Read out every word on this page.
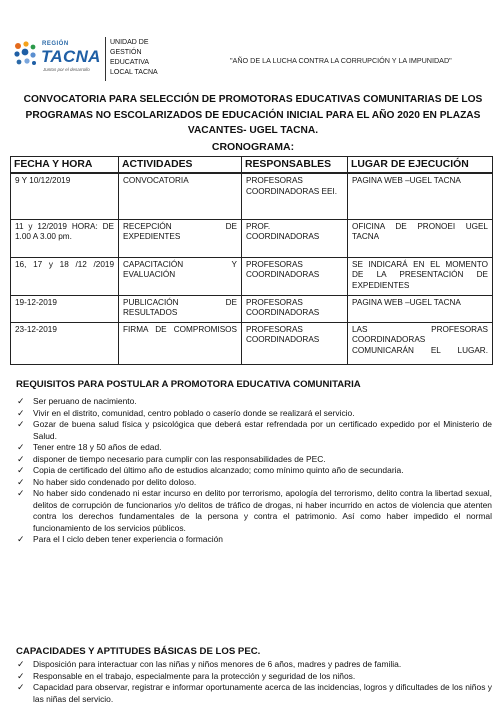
REGIÓN
TACNA
Juntos por el desarrollo
UNIDAD DE
GESTIÓN
EDUCATIVA
LOCAL TACNA
"AÑO DE LA LUCHA CONTRA LA CORRUPCIÓN Y LA IMPUNIDAD"
CONVOCATORIA PARA SELECCIÓN DE PROMOTORAS EDUCATIVAS COMUNITARIAS DE LOS PROGRAMAS NO ESCOLARIZADOS DE EDUCACIÓN INICIAL PARA EL AÑO 2020 EN PLAZAS VACANTES- UGEL TACNA.
CRONOGRAMA:
FECHA Y HORA	ACTIVIDADES	RESPONSABLES	LUGAR DE EJECUCIÓN
9 Y 10/12/2019	CONVOCATORIA	PROFESORAS COORDINADORAS EEI.	PAGINA WEB –UGEL TACNA
11 y 12/2019 HORA: DE 1.00 A 3.00 pm.	RECEPCIÓN DE EXPEDIENTES	PROF. COORDINADORAS	OFICINA DE PRONOEI UGEL TACNA
16, 17 y 18 /12 /2019	CAPACITACIÓN Y EVALUACIÓN	PROFESORAS COORDINADORAS	SE INDICARÁ EN EL MOMENTO DE LA PRESENTACIÓN DE EXPEDIENTES
19-12-2019	PUBLICACIÓN DE RESULTADOS	PROFESORAS COORDINADORAS	PAGINA WEB –UGEL TACNA
23-12-2019	FIRMA DE COMPROMISOS	PROFESORAS COORDINADORAS	LAS PROFESORAS COORDINADORAS COMUNICARÁN EL LUGAR.
REQUISITOS PARA POSTULAR A PROMOTORA EDUCATIVA COMUNITARIA
✓ Ser peruano de nacimiento.
✓ Vivir en el distrito, comunidad, centro poblado o caserío donde se realizará el servicio.
✓ Gozar de buena salud física y psicológica que deberá estar refrendada por un certificado expedido por el Ministerio de Salud.
✓ Tener entre 18 y 50 años de edad.
✓ disponer de tiempo necesario para cumplir con las responsabilidades de PEC.
✓ Copia de certificado del último año de estudios alcanzado; como mínimo quinto año de secundaria.
✓ No haber sido condenado por delito doloso.
✓ No haber sido condenado ni estar incurso en delito por terrorismo, apología del terrorismo, delito contra la libertad sexual, delitos de corrupción de funcionarios y/o delitos de tráfico de drogas, ni haber incurrido en actos de violencia que atenten contra los derechos fundamentales de la persona y contra el patrimonio. Así como haber impedido el normal funcionamiento de los servicios públicos.
✓ Para el I ciclo deben tener experiencia o formación
CAPACIDADES Y APTITUDES BÁSICAS DE LOS PEC.
✓ Disposición para interactuar con las niñas y niños menores de 6 años, madres y padres de familia.
✓ Responsable en el trabajo, especialmente para la protección y seguridad de los niños.
✓ Capacidad para observar, registrar e informar oportunamente acerca de las incidencias, logros y dificultades de los niños y las niñas del servicio.
